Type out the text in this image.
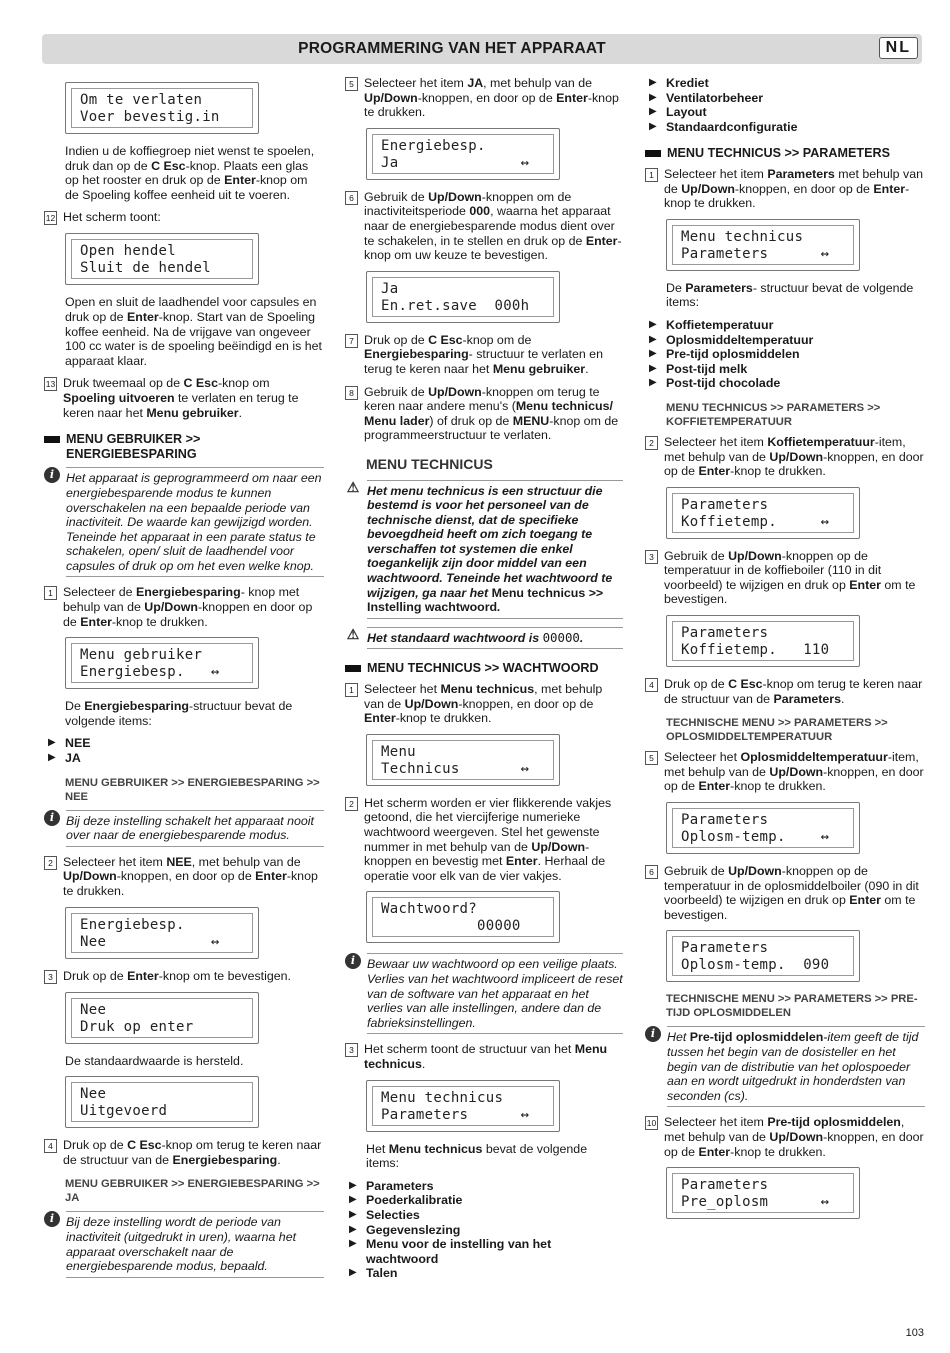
PROGRAMMERING VAN HET APPARAAT	NL
Om te verlaten
Voer bevestig.in

Indien u de koffiegroep niet wenst te spoelen, druk dan op de C Esc-knop. Plaats een glas op het rooster en druk op de Enter-knop om de Spoeling koffee eenheid uit te voeren.

12 Het scherm toont:
Open hendel
Sluit de hendel

Open en sluit de laadhendel voor capsules en druk op de Enter-knop. Start van de Spoeling koffee eenheid. Na de vrijgave van ongeveer 100 cc water is de spoeling beëindigd en is het apparaat klaar.

13 Druk tweemaal op de C Esc-knop om Spoeling uitvoeren te verlaten en terug te keren naar het Menu gebruiker.
MENU GEBRUIKER >> ENERGIEBESPARING
i Het apparaat is geprogrammeerd om naar een energiebesparende modus te kunnen overschakelen na een bepaalde periode van inactiviteit. De waarde kan gewijzigd worden. Teneinde het apparaat in een parate status te schakelen, open/ sluit de laadhendel voor capsules of druk op om het even welke knop.
1 Selecteer de Energiebesparing- knop met behulp van de Up/Down-knoppen en door op de Enter-knop te drukken.
Menu gebruiker
Energiebesp.   ↔

De Energiebesparing-structuur bevat de volgende items:

▶ NEE
▶ JA
MENU GEBRUIKER >> ENERGIEBESPARING >> NEE
i Bij deze instelling schakelt het apparaat nooit over naar de energiebesparende modus.
2 Selecteer het item NEE, met behulp van de Up/Down-knoppen, en door op de Enter-knop te drukken.
Energiebesp.
Nee            ↔
3 Druk op de Enter-knop om te bevestigen.
Nee
Druk op enter

De standaardwaarde is hersteld.

Nee
Uitgevoerd
4 Druk op de C Esc-knop om terug te keren naar de structuur van de Energiebesparing.
MENU GEBRUIKER >> ENERGIEBESPARING >> JA
i Bij deze instelling wordt de periode van inactiviteit (uitgedrukt in uren), waarna het apparaat overschakelt naar de energiebesparende modus, bepaald.
5 Selecteer het item JA, met behulp van de Up/Down-knoppen, en door op de Enter-knop te drukken.
Energiebesp.
Ja              ↔
6 Gebruik de Up/Down-knoppen om de inactiviteitsperiode 000, waarna het apparaat naar de energiebesparende modus dient over te schakelen, in te stellen en druk op de Enter-knop om uw keuze te bevestigen.
Ja
En.ret.save  000h
7 Druk op de C Esc-knop om de Energiebesparing- structuur te verlaten en terug te keren naar het Menu gebruiker.
8 Gebruik de Up/Down-knoppen om terug te keren naar andere menu's (Menu technicus/ Menu lader) of druk op de MENU-knop om de programmeerstructuur te verlaten.
MENU TECHNICUS
⚠ Het menu technicus is een structuur die bestemd is voor het personeel van de technische dienst, dat de specifieke bevoegdheid heeft om zich toegang te verschaffen tot systemen die enkel toegankelijk zijn door middel van een wachtwoord. Teneinde het wachtwoord te wijzigen, ga naar het Menu technicus >> Instelling wachtwoord.
⚠ Het standaard wachtwoord is 00000.
MENU TECHNICUS >> WACHTWOORD
1 Selecteer het Menu technicus, met behulp van de Up/Down-knoppen, en door op de Enter-knop te drukken.
Menu
Technicus       ↔
2 Het scherm worden er vier flikkerende vakjes getoond, die het viercijferige numerieke wachtwoord weergeven. Stel het gewenste nummer in met behulp van de Up/Down-knoppen en bevestig met Enter. Herhaal de operatie voor elk van de vier vakjes.
Wachtwoord?
00000
i Bewaar uw wachtwoord op een veilige plaats. Verlies van het wachtwoord impliceert de reset van de software van het apparaat en het verlies van alle instellingen, andere dan de fabrieksinstellingen.
3 Het scherm toont de structuur van het Menu technicus.
Menu technicus
Parameters      ↔

Het Menu technicus bevat de volgende items:

▶ Parameters
▶ Poederkalibratie
▶ Selecties
▶ Gegevenslezing
▶ Menu voor de instelling van het wachtwoord
▶ Talen
▶ Krediet
▶ Ventilatorbeheer
▶ Layout
▶ Standaardconfiguratie
MENU TECHNICUS >> PARAMETERS
1 Selecteer het item Parameters met behulp van de Up/Down-knoppen, en door op de Enter-knop te drukken.
Menu technicus
Parameters      ↔

De Parameters- structuur bevat de volgende items:

▶ Koffietemperatuur
▶ Oplosmiddeltemperatuur
▶ Pre-tijd oplosmiddelen
▶ Post-tijd melk
▶ Post-tijd chocolade
MENU TECHNICUS >> PARAMETERS >> KOFFIETEMPERATUUR
2 Selecteer het item Koffietemperatuur-item, met behulp van de Up/Down-knoppen, en door op de Enter-knop te drukken.
Parameters
Koffietemp.     ↔
3 Gebruik de Up/Down-knoppen op de temperatuur in de koffieboiler (110 in dit voorbeeld) te wijzigen en druk op Enter om te bevestigen.
Parameters
Koffietemp.   110
4 Druk op de C Esc-knop om terug te keren naar de structuur van de Parameters.
TECHNISCHE MENU >> PARAMETERS >> OPLOSMIDDELTEMPERATUUR
5 Selecteer het Oplosmiddeltemperatuur-item, met behulp van de Up/Down-knoppen, en door op de Enter-knop te drukken.
Parameters
Oplosm-temp.    ↔
6 Gebruik de Up/Down-knoppen op de temperatuur in de oplosmiddelboiler (090 in dit voorbeeld) te wijzigen en druk op Enter om te bevestigen.
Parameters
Oplosm-temp.  090
TECHNISCHE MENU >> PARAMETERS >> PRE-TIJD OPLOSMIDDELEN
i Het Pre-tijd oplosmiddelen-item geeft de tijd tussen het begin van de dosisteller en het begin van de distributie van het oplospoeder aan en wordt uitgedrukt in honderdsten van seconden (cs).
10 Selecteer het item Pre-tijd oplosmiddelen, met behulp van de Up/Down-knoppen, en door op de Enter-knop te drukken.
Parameters
Pre_oplosm      ↔
103
